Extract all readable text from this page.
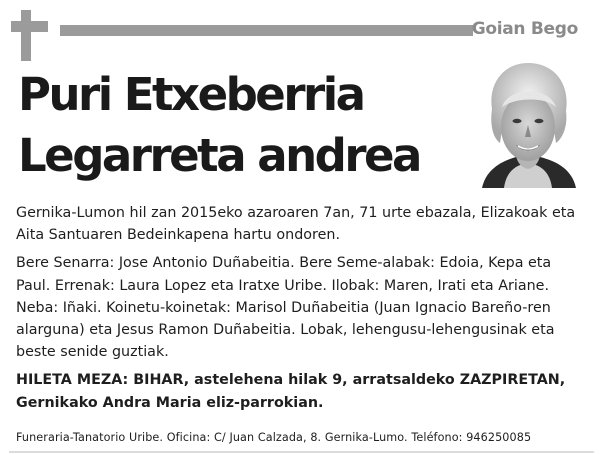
Goian Bego
Puri Etxeberria
Legarreta andrea

Gernika-Lumon hil zan 2015eko azaroaren 7an, 71 urte ebazala, Elizakoak eta Aita Santuaren Bedeinkapena hartu ondoren.

Bere Senarra: Jose Antonio Duñabeitia. Bere Seme-alabak: Edoia, Kepa eta Paul. Errenak: Laura Lopez eta Iratxe Uribe. Ilobak: Maren, Irati eta Ariane. Neba: Iñaki. Koinetu-koinetak: Marisol Duñabeitia (Juan Ignacio Bareño-ren alarguna) eta Jesus Ramon Duñabeitia. Lobak, lehengusu-lehengusinak eta beste senide guztiak.

HILETA MEZA: BIHAR, astelehena hilak 9, arratsaldeko ZAZPIRETAN, Gernikako Andra Maria eliz-parrokian.

Funeraria-Tanatorio Uribe. Oficina: C/ Juan Calzada, 8. Gernika-Lumo. Teléfono: 946250085
